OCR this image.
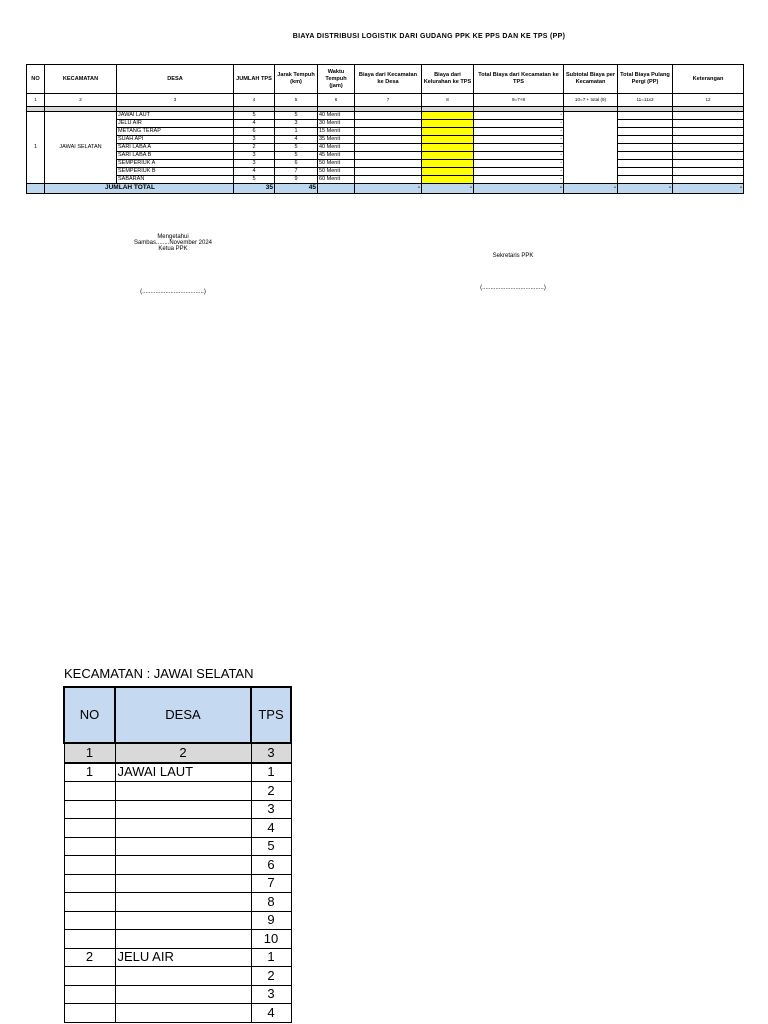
BIAYA DISTRIBUSI LOGISTIK DARI GUDANG PPK KE PPS DAN KE TPS (PP)
NO	KECAMATAN	DESA	JUMLAH TPS	Jarak Tempuh (km)	Waktu Tempuh (jam)	Biaya dari Kecamatan ke Desa	Biaya dari Kelurahan ke TPS	Total Biaya dari Kecamatan ke TPS	Subtotal Biaya per Kecamatan	Total Biaya Pulang Pergi (PP)	Keterangan
1	2	3	4	5	6	7	8	9=7+8	10=7 + total (9)	11=11x2	12

1	JAWAI SELATAN	JAWAI LAUT	5	5	40 Menit			-			
		JELU AIR	4	3	30 Menit			-			
		METANG TERAP	6	1	15 Menit			-			
		SUAH API	3	4	35 Menit			-			
		SARI LABA A	2	5	40 Menit			-			
		SARI LABA B	3	5	45 Menit			-			
		SEMPERIUK A	3	6	50 Menit			-			
		SEMPERIUK B	4	7	50 Menit			-			
		SABARAN	5	9	60 Menit			-			
	JUMLAH TOTAL		35	45		-	-	-	-	-	-
Mengetahui
Sambas........November 2024
Ketua PPK
(.....................................)
Sekretaris PPK
(.....................................)
KECAMATAN : JAWAI SELATAN
NO	DESA	TPS
1	2	3
1	JAWAI LAUT	1
		2
		3
		4
		5
		6
		7
		8
		9
		10
2	JELU AIR	1
		2
		3
		4
